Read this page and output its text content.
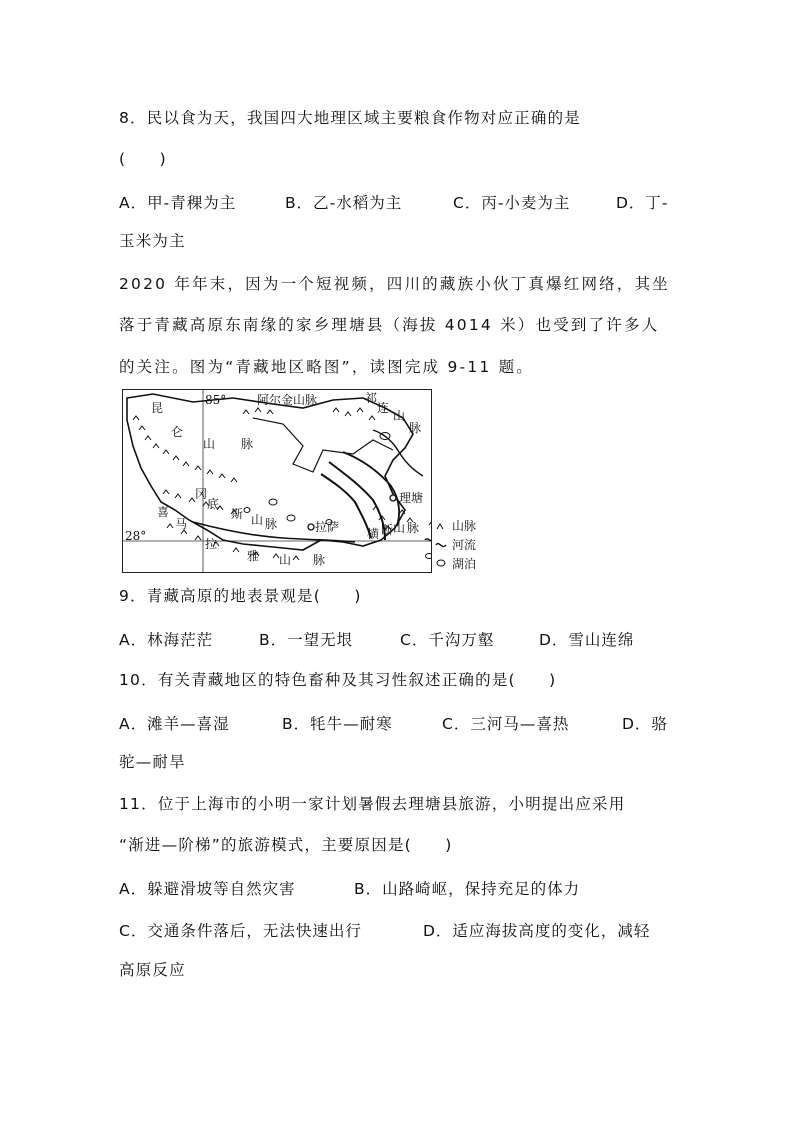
8．民以食为天，我国四大地理区域主要粮食作物对应正确的是
(　　)
A．甲-青稞为主	B．乙-水稻为主	C．丙-小麦为主	D．丁-
玉米为主
2020 年年末，因为一个短视频，四川的藏族小伙丁真爆红网络，其坐
落于青藏高原东南缘的家乡理塘县（海拔 4014 米）也受到了许多人
的关注。图为“青藏地区略图”，读图完成 9-11 题。
85°
28°
昆
仑
山 脉
阿尔金山脉	祁
连
山
脉
冈
底
斯 山 脉
喜
马
拉
雅 山 脉
横 断 山 脉
拉萨
理塘
山脉
河流
湖泊
9．青藏高原的地表景观是(　　)
A．林海茫茫	B．一望无垠	C．千沟万壑	D．雪山连绵
10．有关青藏地区的特色畜种及其习性叙述正确的是(　　)
A．滩羊—喜湿	B．牦牛—耐寒	C．三河马—喜热	D．骆
驼—耐旱
11．位于上海市的小明一家计划暑假去理塘县旅游，小明提出应采用
“渐进—阶梯”的旅游模式，主要原因是(　　)
A．躲避滑坡等自然灾害	B．山路崎岖，保持充足的体力
C．交通条件落后，无法快速出行	D．适应海拔高度的变化，减轻
高原反应
